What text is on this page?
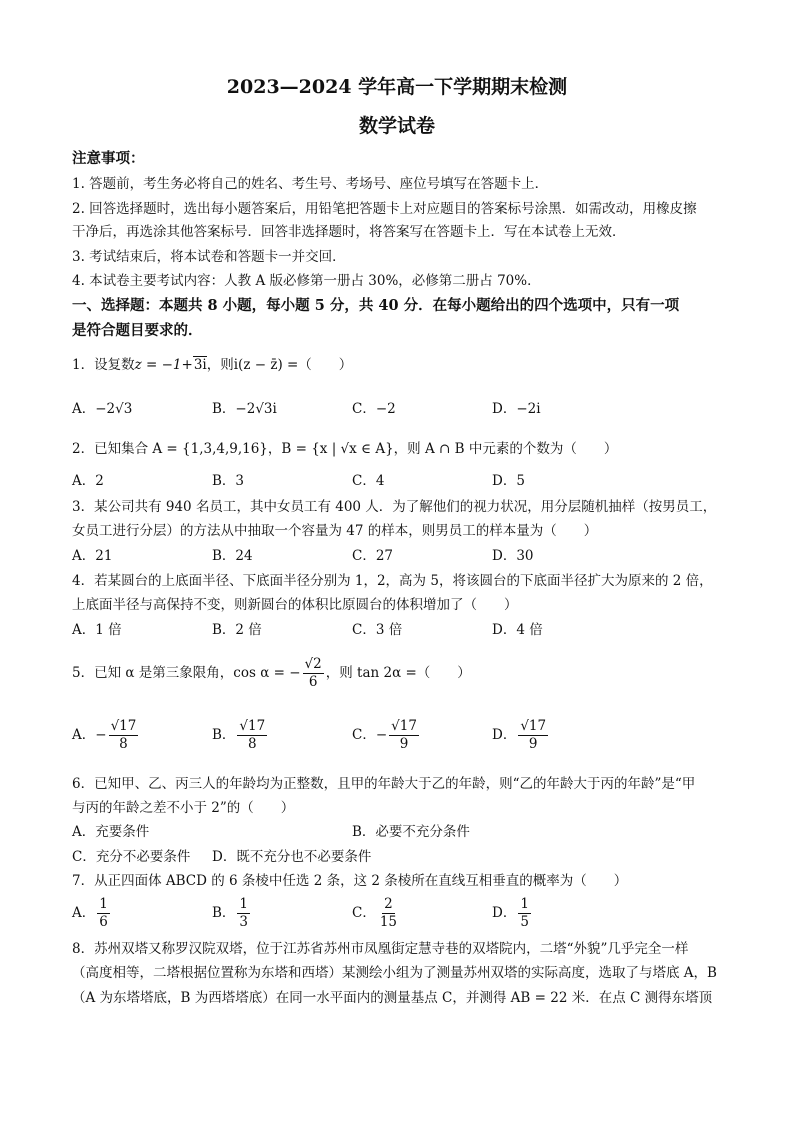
2023—2024 学年高一下学期期末检测
数学试卷
注意事项：
1. 答题前，考生务必将自己的姓名、考生号、考场号、座位号填写在答题卡上．
2. 回答选择题时，选出每小题答案后，用铅笔把答题卡上对应题目的答案标号涂黑．如需改动，用橡皮擦
干净后，再选涂其他答案标号．回答非选择题时，将答案写在答题卡上．写在本试卷上无效．
3. 考试结束后，将本试卷和答题卡一并交回．
4. 本试卷主要考试内容：人教 A 版必修第一册占 30%，必修第二册占 70%．
一、选择题：本题共 8 小题，每小题 5 分，共 40 分．在每小题给出的四个选项中，只有一项
是符合题目要求的．
1．设复数z = −1+3i，则i(z − z̄) =（　　）
A．−2√3	B．−2√3i	C．−2	D．−2i
2．已知集合 A = {1,3,4,9,16}，B = {x | √x ∈ A}，则 A ∩ B 中元素的个数为（　　）
A．2	B．3	C．4	D．5
3．某公司共有 940 名员工，其中女员工有 400 人．为了解他们的视力状况，用分层随机抽样（按男员工，
女员工进行分层）的方法从中抽取一个容量为 47 的样本，则男员工的样本量为（　　）
A．21	B．24	C．27	D．30
4．若某圆台的上底面半径、下底面半径分别为 1，2，高为 5，将该圆台的下底面半径扩大为原来的 2 倍，
上底面半径与高保持不变，则新圆台的体积比原圆台的体积增加了（　　）
A．1 倍	B．2 倍	C．3 倍	D．4 倍
5．已知 α 是第三象限角，cos α = − $\frac{√2}{6}$ ，则 tan 2α =（　　）
A．− $\frac{√17}{8}$	B． $\frac{√17}{8}$	C．− $\frac{√17}{9}$	D． $\frac{√17}{9}$
6．已知甲、乙、丙三人的年龄均为正整数，且甲的年龄大于乙的年龄，则“乙的年龄大于丙的年龄”是“甲
与丙的年龄之差不小于 2”的（　　）
A．充要条件	B．必要不充分条件
C．充分不必要条件	D．既不充分也不必要条件
7．从正四面体 ABCD 的 6 条棱中任选 2 条，这 2 条棱所在直线互相垂直的概率为（　　）
A． $\frac{1}{6}$	B． $\frac{1}{3}$	C． $\frac{2}{15}$	D． $\frac{1}{5}$
8．苏州双塔又称罗汉院双塔，位于江苏省苏州市凤凰街定慧寺巷的双塔院内，二塔“外貌”几乎完全一样
（高度相等，二塔根据位置称为东塔和西塔）某测绘小组为了测量苏州双塔的实际高度，选取了与塔底 A，B
（A 为东塔塔底，B 为西塔塔底）在同一水平面内的测量基点 C，并测得 AB = 22 米．在点 C 测得东塔顶
